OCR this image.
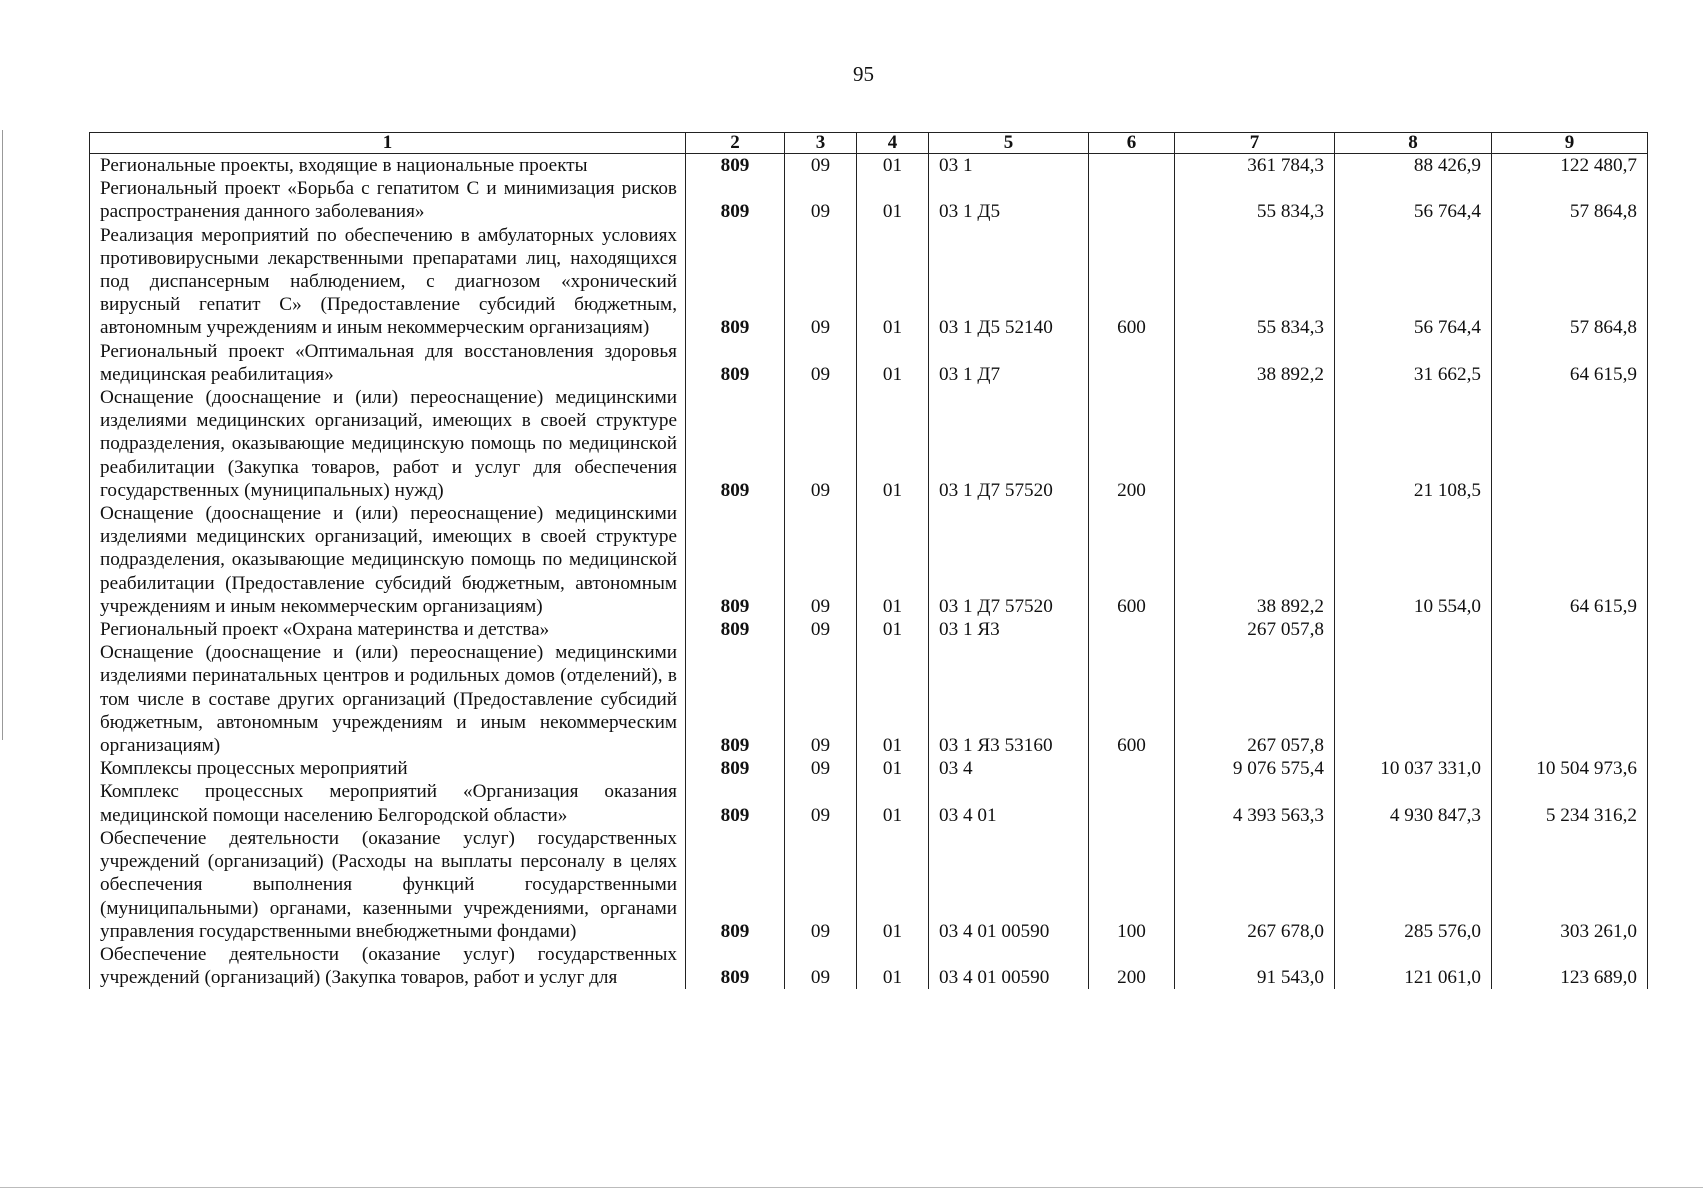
95
1	2	3	4	5	6	7	8	9
Региональные проекты, входящие в национальные проекты	809	09	01	03 1		361 784,3	88 426,9	122 480,7
Региональный проект «Борьба с гепатитом С и минимизация рисков распространения данного заболевания»	809	09	01	03 1 Д5		55 834,3	56 764,4	57 864,8
Реализация мероприятий по обеспечению в амбулаторных условиях противовирусными лекарственными препаратами лиц, находящихся под диспансерным наблюдением, с диагнозом «хронический вирусный гепатит С» (Предоставление субсидий бюджетным, автономным учреждениям и иным некоммерческим организациям)	809	09	01	03 1 Д5 52140	600	55 834,3	56 764,4	57 864,8
Региональный проект «Оптимальная для восстановления здоровья медицинская реабилитация»	809	09	01	03 1 Д7		38 892,2	31 662,5	64 615,9
Оснащение (дооснащение и (или) переоснащение) медицинскими изделиями медицинских организаций, имеющих в своей структуре подразделения, оказывающие медицинскую помощь по медицинской реабилитации (Закупка товаров, работ и услуг для обеспечения государственных (муниципальных) нужд)	809	09	01	03 1 Д7 57520	200		21 108,5	
Оснащение (дооснащение и (или) переоснащение) медицинскими изделиями медицинских организаций, имеющих в своей структуре подразделения, оказывающие медицинскую помощь по медицинской реабилитации (Предоставление субсидий бюджетным, автономным учреждениям и иным некоммерческим организациям)	809	09	01	03 1 Д7 57520	600	38 892,2	10 554,0	64 615,9
Региональный проект «Охрана материнства и детства»	809	09	01	03 1 Я3		267 057,8		
Оснащение (дооснащение и (или) переоснащение) медицинскими изделиями перинатальных центров и родильных домов (отделений), в том числе в составе других организаций (Предоставление субсидий бюджетным, автономным учреждениям и иным некоммерческим организациям)	809	09	01	03 1 Я3 53160	600	267 057,8		
Комплексы процессных мероприятий	809	09	01	03 4		9 076 575,4	10 037 331,0	10 504 973,6
Комплекс процессных мероприятий «Организация оказания медицинской помощи населению Белгородской области»	809	09	01	03 4 01		4 393 563,3	4 930 847,3	5 234 316,2
Обеспечение деятельности (оказание услуг) государственных учреждений (организаций) (Расходы на выплаты персоналу в целях обеспечения выполнения функций государственными (муниципальными) органами, казенными учреждениями, органами управления государственными внебюджетными фондами)	809	09	01	03 4 01 00590	100	267 678,0	285 576,0	303 261,0
Обеспечение деятельности (оказание услуг) государственных учреждений (организаций) (Закупка товаров, работ и услуг для	809	09	01	03 4 01 00590	200	91 543,0	121 061,0	123 689,0
